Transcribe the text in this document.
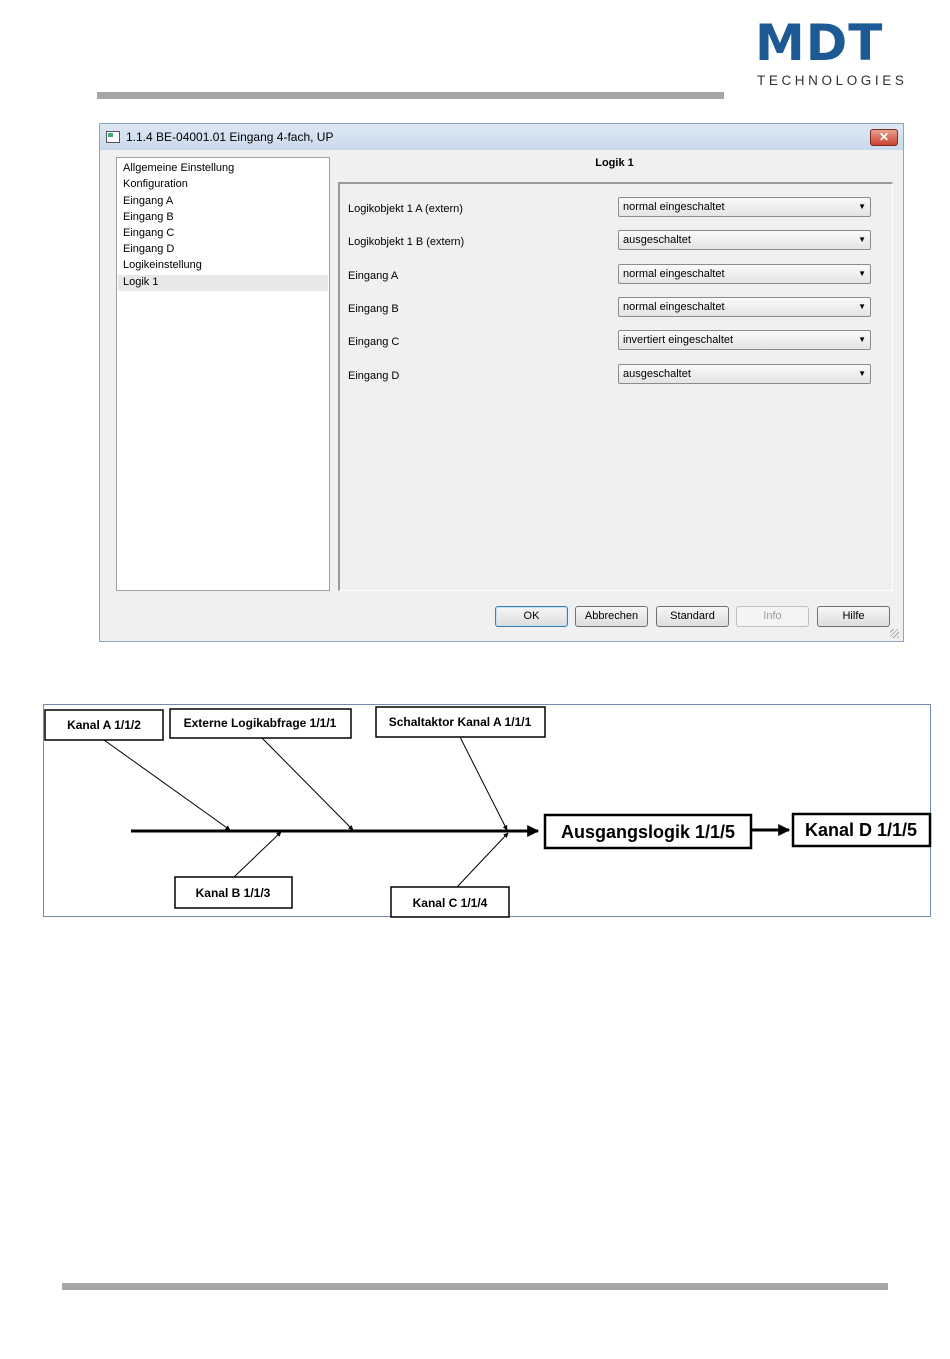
MDT
TECHNOLOGIES
1.1.4 BE-04001.01 Eingang 4-fach, UP	✕
Allgemeine Einstellung
Konfiguration
Eingang A
Eingang B
Eingang C
Eingang D
Logikeinstellung
Logik 1
Logik 1
Logikobjekt 1 A (extern)	normal eingeschaltet	▼
Logikobjekt 1 B (extern)	ausgeschaltet	▼
Eingang A	normal eingeschaltet	▼
Eingang B	normal eingeschaltet	▼
Eingang C	invertiert eingeschaltet	▼
Eingang D	ausgeschaltet	▼
OK	Abbrechen	Standard	Info	Hilfe
Kanal A 1/1/2	Externe Logikabfrage 1/1/1	Schaltaktor Kanal A 1/1/1
Kanal B 1/1/3
Kanal C 1/1/4
Ausgangslogik 1/1/5	Kanal D 1/1/5
